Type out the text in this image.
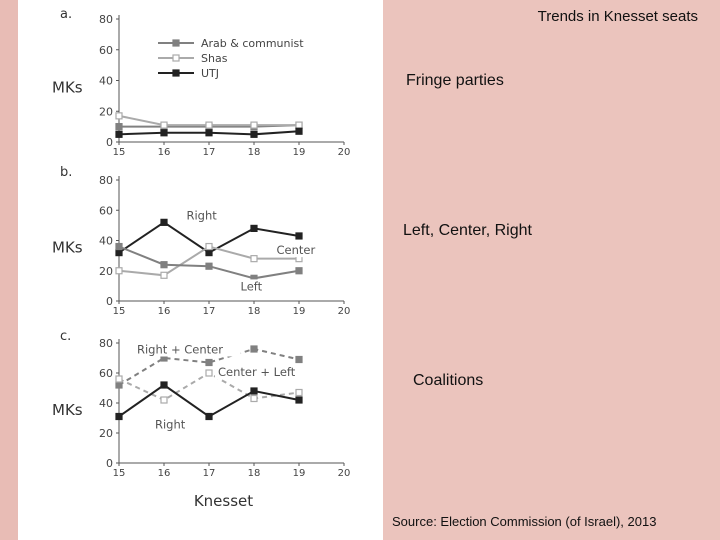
a.
MKs
0
20
40
60
80
15	16	17	18	19	20
Arab & communist
Shas
UTJ
b.
MKs
0
20
40
60
80
15	16	17	18	19	20
Right
Center
Left
c.
MKs
0
20
40
60
80
15	16	17	18	19	20
Right + Center
Center + Left
Right
Knesset
Trends in Knesset seats
Fringe parties
Left, Center, Right
Coalitions
Source: Election Commission (of Israel), 2013
